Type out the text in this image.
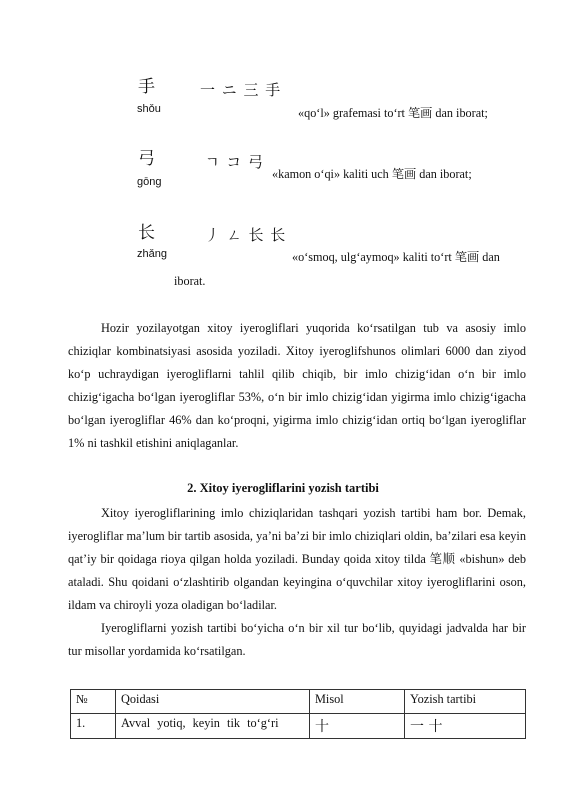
手
shǒu
一 ニ 三 手
«qo‘l» grafemasi to‘rt 笔画 dan iborat;
弓
gōng
ㄱ コ 弓
«kamon o‘qi» kaliti uch 笔画 dan iborat;
长
zhǎng
丿 ㄥ 长 长
«o‘smoq, ulg‘aymoq» kaliti to‘rt 笔画 dan
iborat.

Hozir yozilayotgan xitoy iyerogliflari yuqorida ko‘rsatilgan tub va asosiy imlo chiziqlar kombinatsiyasi asosida yoziladi. Xitoy iyeroglifshunos olimlari 6000 dan ziyod ko‘p uchraydigan iyerogliflarni tahlil qilib chiqib, bir imlo chizig‘idan o‘n bir imlo chizig‘igacha bo‘lgan iyerogliflar 53%, o‘n bir imlo chizig‘idan yigirma imlo chizig‘igacha bo‘lgan iyerogliflar 46% dan ko‘proqni, yigirma imlo chizig‘idan ortiq bo‘lgan iyerogliflar 1% ni tashkil etishini aniqlaganlar.

2. Xitoy iyerogliflarini yozish tartibi

Xitoy iyerogliflarining imlo chiziqlaridan tashqari yozish tartibi ham bor. Demak, iyerogliflar ma’lum bir tartib asosida, ya’ni ba’zi bir imlo chiziqlari oldin, ba’zilari esa keyin qat’iy bir qoidaga rioya qilgan holda yoziladi. Bunday qoida xitoy tilda 笔顺 «bishun» deb ataladi. Shu qoidani o‘zlashtirib olgandan keyingina o‘quvchilar xitoy iyerogliflarini oson, ildam va chiroyli yoza oladigan bo‘ladilar.

Iyerogliflarni yozish tartibi bo‘yicha o‘n bir xil tur bo‘lib, quyidagi jadvalda har bir tur misollar yordamida ko‘rsatilgan.

№	Qoidasi	Misol	Yozish tartibi
1.	Avval yotiq, keyin tik to‘g‘ri	十	一 十
